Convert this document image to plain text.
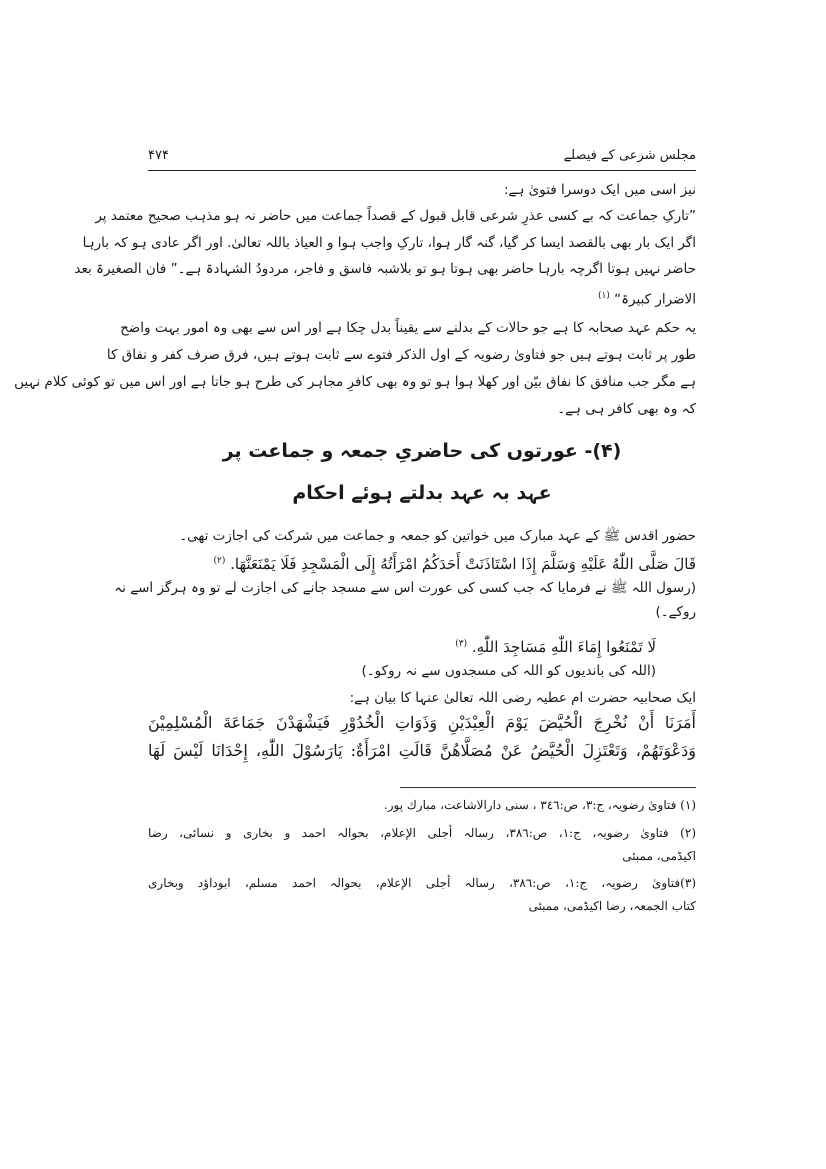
مجلس شرعی کے فیصلے
۴۷۴
نیز اسی میں ایک دوسرا فتویٰ ہے:
”تارکِ جماعت کہ بے کسی عذرِ شرعی قابل قبول کے قصداً جماعت میں حاضر نہ ہو مذہب صحیح معتمد پر
اگر ایک بار بھی بالقصد ایسا کر گیا، گنہ گار ہوا، تارکِ واجب ہوا و العیاذ باللہ تعالیٰ. اور اگر عادی ہو کہ بارہا
حاضر نہیں ہوتا اگرچہ بارہا حاضر بھی ہوتا ہو تو بلاشبہ فاسق و فاجر، مردودُ الشہادۃ ہے۔” فان الصغیرۃ بعد
الاضرار کبیرۃ“ $^{(۱)}$
یہ حکم عہد صحابہ کا ہے جو حالات کے بدلنے سے یقیناً بدل چکا ہے اور اس سے بھی وہ امور بہت واضح
طور پر ثابت ہوتے ہیں جو فتاویٰ رضویہ کے اول الذکر فتوے سے ثابت ہوتے ہیں، فرق صرف کفر و نفاق کا
ہے مگر جب منافق کا نفاق بیّن اور کھلا ہوا ہو تو وہ بھی کافرِ مجاہر کی طرح ہو جاتا ہے اور اس میں تو کوئی کلام نہیں
کہ وہ بھی کافر ہی ہے۔
(۴)- عورتوں کی حاضریِ جمعہ و جماعت پر
عہد بہ عہد بدلتے ہوئے احکام
حضور اقدس ﷺ کے عہد مبارک میں خواتین کو جمعہ و جماعت میں شرکت کی اجازت تھی۔
قَالَ صَلَّى اللّٰهُ عَلَيْهِ وَسَلَّمَ إِذَا اسْتَاذَنَتْ أَحَدَكُمُ امْرَأَتُهُ إِلَى الْمَسْجِدِ فَلَا يَمْنَعَنَّهَا. $^{(۲)}$
(رسول اللہ ﷺ نے فرمایا کہ جب کسی کی عورت اس سے مسجد جانے کی اجازت لے تو وہ ہرگز اسے نہ
روکے۔)
لَا تَمْنَعُوا إِمَاءَ اللّٰهِ مَسَاجِدَ اللّٰهِ. $^{(۳)}$
(اللہ کی باندیوں کو اللہ کی مسجدوں سے نہ روکو۔)
ایک صحابیہ حضرت ام عطیہ رضی اللہ تعالیٰ عنہا کا بیان ہے:
أَمَرَنَا أَنْ نُخْرِجَ الْحُيَّضَ يَوْمَ الْعِيْدَيْنِ وَذَوَاتِ الْخُدُوْرِ فَيَشْهَدْنَ جَمَاعَةَ الْمُسْلِمِيْنَ
وَدَعْوَتَهُمْ، وَتَعْتَزِلَ الْحُيَّضُ عَنْ مُصَلَّاهُنَّ قَالَتِ امْرَأَةٌ: يَارَسُوْلَ اللّٰهِ، إِحْدَانَا لَيْسَ لَهَا
(۱) فتاویٰ رضویہ، ج:۳، ص:۳٤٦ ، سنی دارالاشاعت، مبارك پور.
(۲) فتاویٰ رضویہ، ج:۱، ص:۳۸٦، رسالہ أجلی الإعلام، بحوالہ احمد و بخاری و نسائی، رضا
اکیڈمی، ممبئی
(۳)فتاویٰ رضویہ، ج:۱، ص:۳۸٦، رسالہ أجلی الإعلام، بحوالہ احمد مسلم، ابوداؤد وبخاری
کتاب الجمعہ، رضا اکیڈمی، ممبئی
